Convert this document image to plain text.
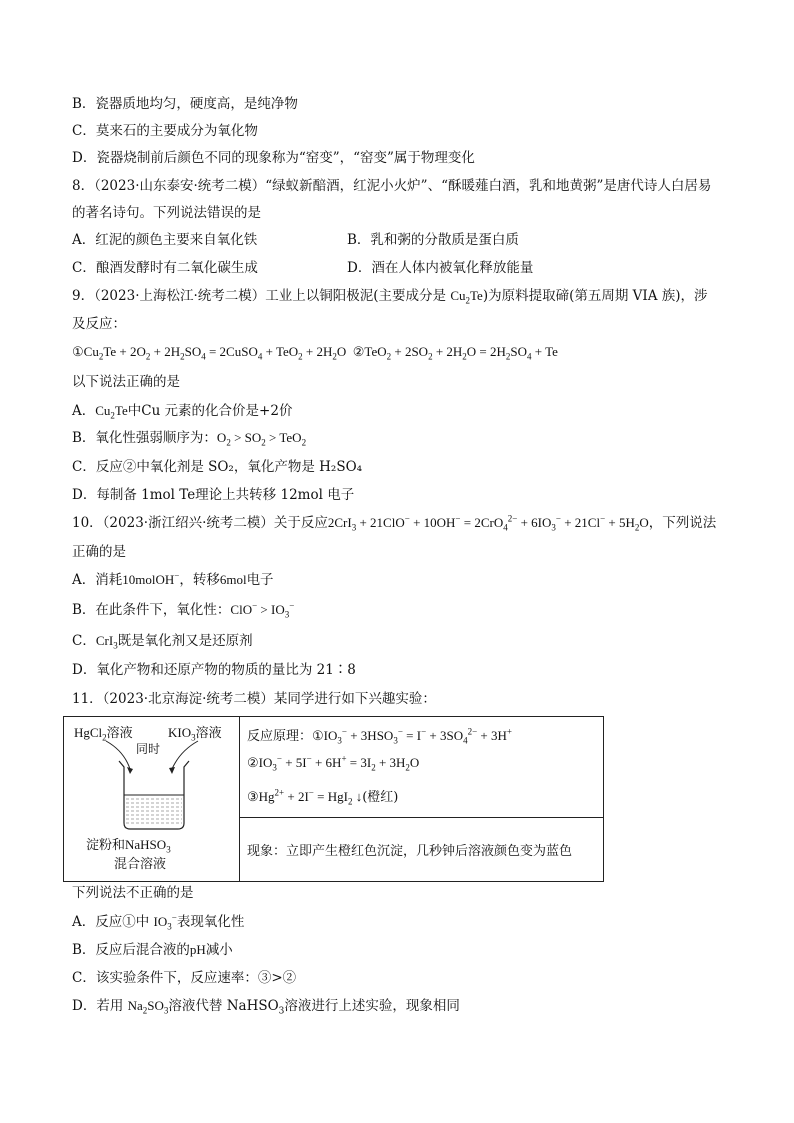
B．瓷器质地均匀，硬度高，是纯净物
C．莫来石的主要成分为氧化物
D．瓷器烧制前后颜色不同的现象称为“窑变”，“窑变”属于物理变化
8．（2023·山东泰安·统考二模）“绿蚁新醅酒，红泥小火炉”、“酥暖薤白酒，乳和地黄粥”是唐代诗人白居易
的著名诗句。下列说法错误的是
A．红泥的颜色主要来自氧化铁	B．乳和粥的分散质是蛋白质
C．酿酒发酵时有二氧化碳生成	D．酒在人体内被氧化释放能量
9．（2023·上海松江·统考二模）工业上以铜阳极泥(主要成分是 $Cu_2Te$)为原料提取碲(第五周期 VIA 族)，涉
及反应：
$①Cu_2Te + 2O_2 + 2H_2SO_4$ = 2CuSO$_4$ + $TeO_2 + 2H_2O$  ②TeO$_2$ + $2SO_2 + 2H_2O = 2H_2SO_4 + Te$
以下说法正确的是
A．$Cu_2Te$中Cu 元素的化合价是+2价
B．氧化性强弱顺序为：$O_2 > SO_2 > TeO_2$
C．反应②中氧化剂是 SO₂，氧化产物是 H₂SO₄
D．每制备 1mol Te理论上共转移 12mol 电子
10．（2023·浙江绍兴·统考二模）关于反应$2CrI_3 + 21ClO^- + 10OH^- = 2CrO_4^{2-} + 6IO_3^- + 21Cl^- + 5H_2O$，下列说法
正确的是
A．消耗10molOH−，转移6mol电子
B．在此条件下，氧化性：$ClO^- > IO_3^-$
C．CrI$_3$既是氧化剂又是还原剂
D．氧化产物和还原产物的物质的量比为 21∶8
11．（2023·北京海淀·统考二模）某同学进行如下兴趣实验：
HgCl$_2$溶液	$KIO_3$溶液
同时
淀粉和NaHSO$_3$
混合溶液
反应原理：$①IO_3^- + 3HSO_3^- = I^- + 3SO_4^{2-} + 3H^+$
$②IO_3^- + 5I^- + 6H^+ = 3I_2 + 3H_2O$
$③Hg^{2+} + 2I^- = HgI_2$ ↓(橙红)
现象：立即产生橙红色沉淀，几秒钟后溶液颜色变为蓝色
下列说法不正确的是
A．反应①中 $IO_3^-$表现氧化性
B．反应后混合液的pH减小
C．该实验条件下，反应速率：③>②
D．若用 $Na_2SO_3$溶液代替 NaHSO$_3$溶液进行上述实验，现象相同
